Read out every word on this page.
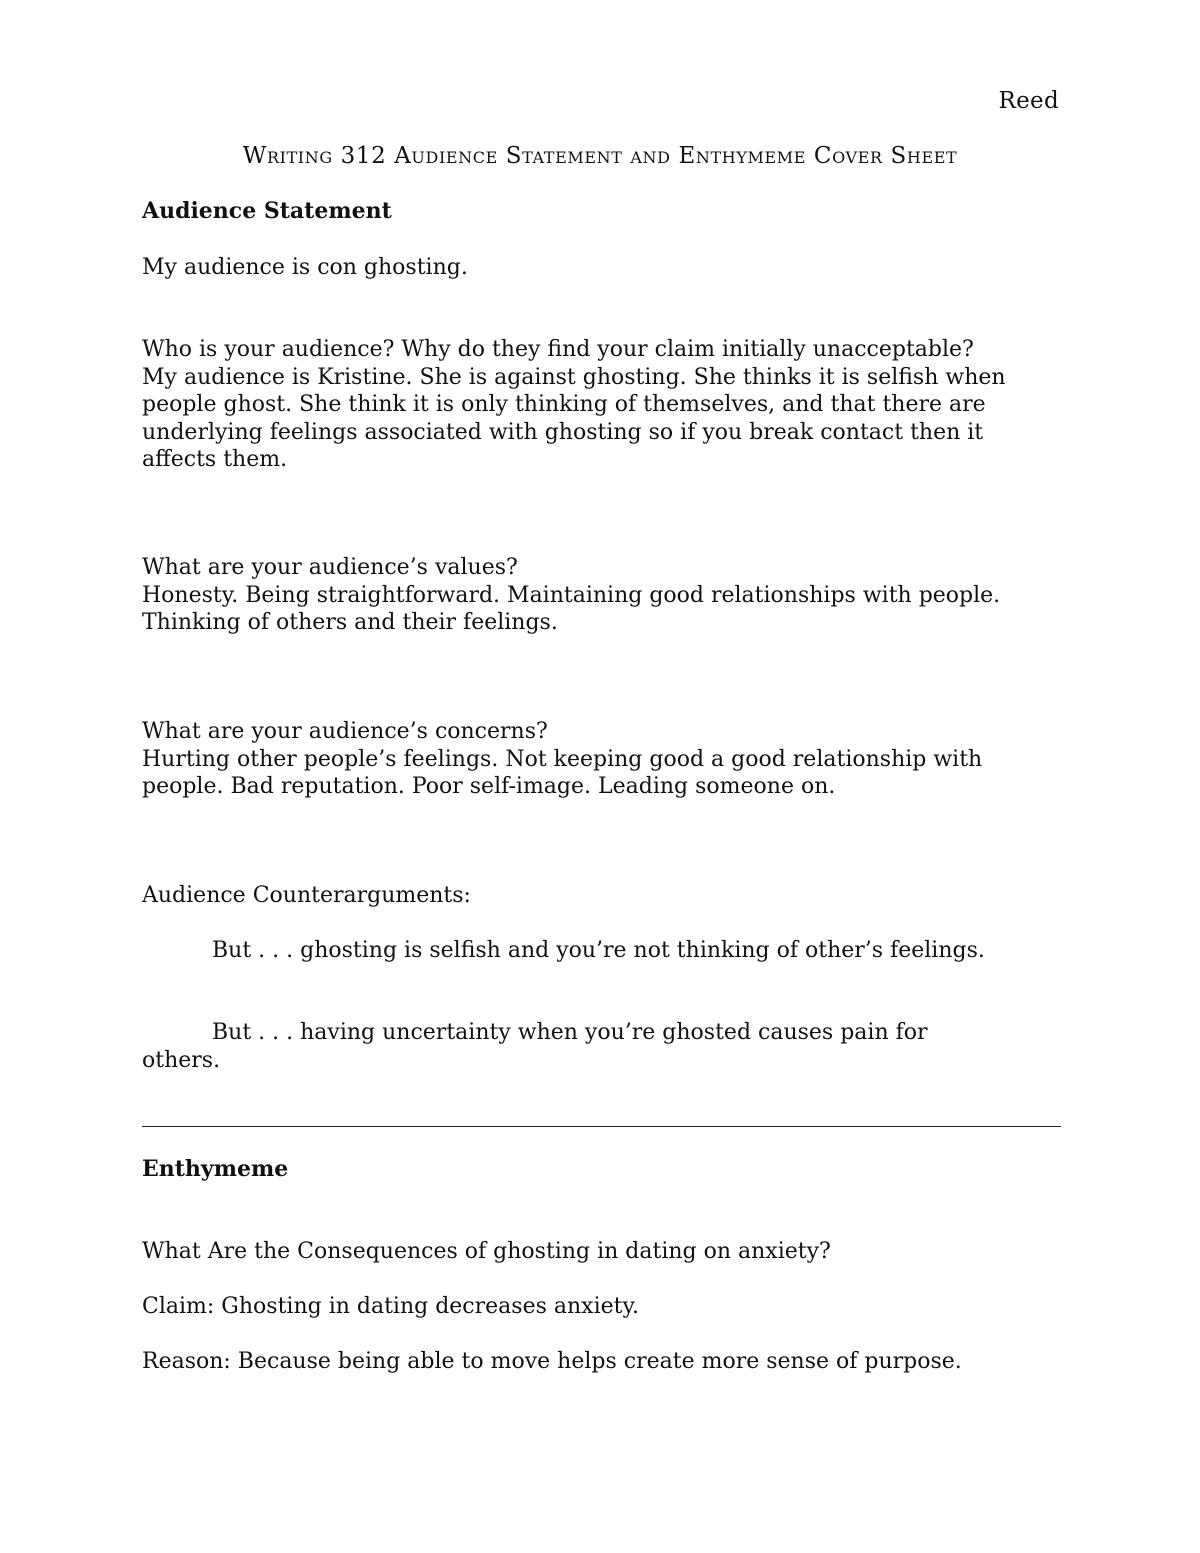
Reed
Writing 312 Audience Statement and Enthymeme Cover Sheet
Audience Statement
My audience is con ghosting.
Who is your audience? Why do they find your claim initially unacceptable?
My audience is Kristine. She is against ghosting. She thinks it is selfish when people ghost. She think it is only thinking of themselves, and that there are underlying feelings associated with ghosting so if you break contact then it affects them.
What are your audience’s values?
Honesty. Being straightforward. Maintaining good relationships with people. Thinking of others and their feelings.
What are your audience’s concerns?
Hurting other people’s feelings. Not keeping good a good relationship with people. Bad reputation. Poor self-image. Leading someone on.
Audience Counterarguments:
But . . . ghosting is selfish and you’re not thinking of other’s feelings.
But . . . having uncertainty when you’re ghosted causes pain for others.
Enthymeme
What Are the Consequences of ghosting in dating on anxiety?
Claim: Ghosting in dating decreases anxiety.
Reason: Because being able to move helps create more sense of purpose.
